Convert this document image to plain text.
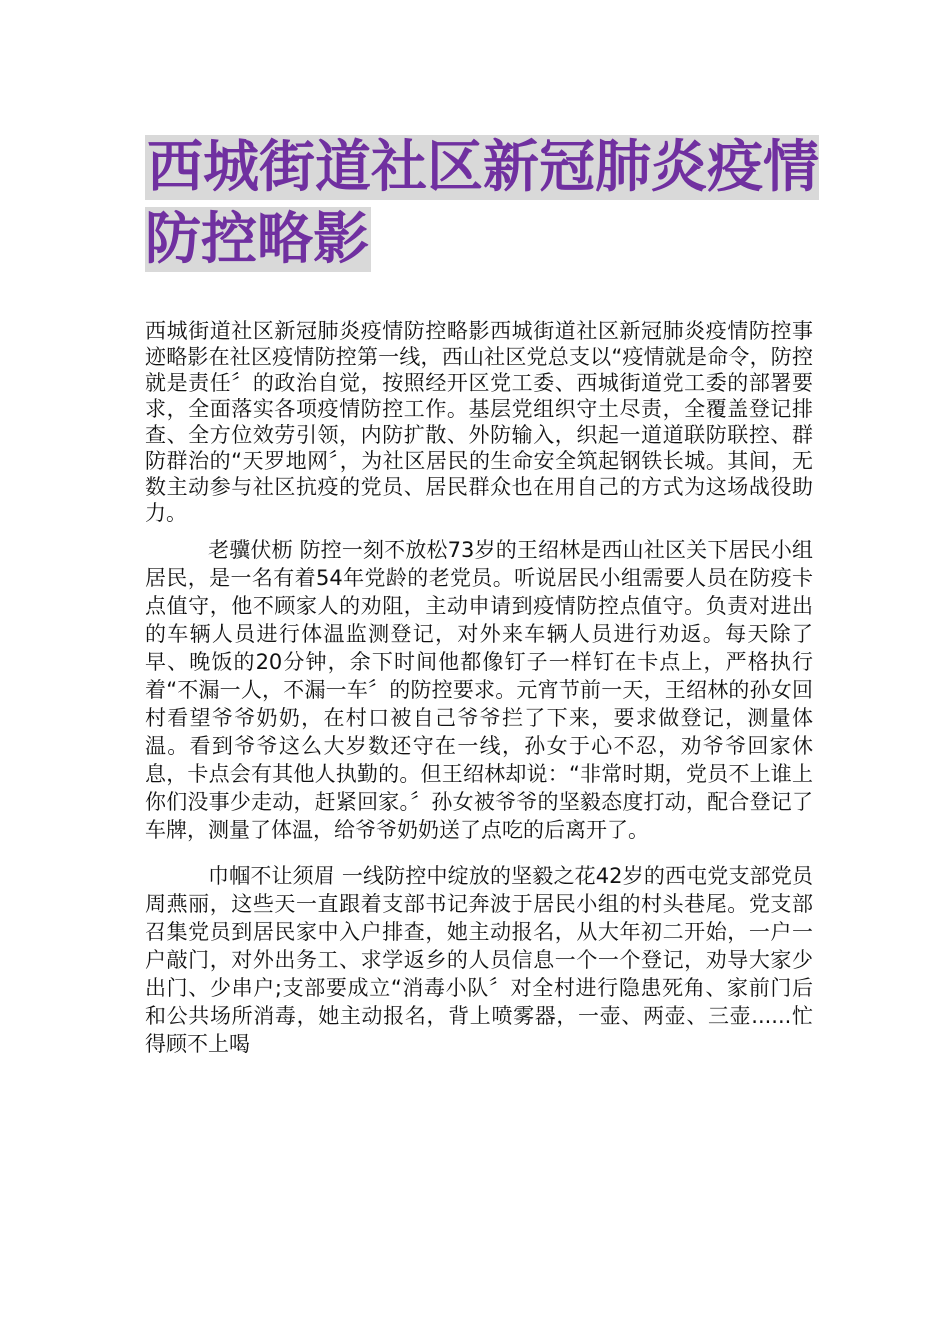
西城街道社区新冠肺炎疫情防控略影

西城街道社区新冠肺炎疫情防控略影西城街道社区新冠肺炎疫情防控事迹略影在社区疫情防控第一线，西山社区党总支以“疫情就是命令，防控就是责任〞的政治自觉，按照经开区党工委、西城街道党工委的部署要求，全面落实各项疫情防控工作。基层党组织守土尽责，全覆盖登记排查、全方位效劳引领，内防扩散、外防输入，织起一道道联防联控、群防群治的“天罗地网〞，为社区居民的生命安全筑起钢铁长城。其间，无数主动参与社区抗疫的党员、居民群众也在用自己的方式为这场战役助力。

老骥伏枥 防控一刻不放松73岁的王绍林是西山社区关下居民小组居民，是一名有着54年党龄的老党员。听说居民小组需要人员在防疫卡点值守，他不顾家人的劝阻，主动申请到疫情防控点值守。负责对进出的车辆人员进行体温监测登记，对外来车辆人员进行劝返。每天除了早、晚饭的20分钟，余下时间他都像钉子一样钉在卡点上，严格执行着“不漏一人，不漏一车〞的防控要求。元宵节前一天，王绍林的孙女回村看望爷爷奶奶，在村口被自己爷爷拦了下来，要求做登记，测量体温。看到爷爷这么大岁数还守在一线，孙女于心不忍，劝爷爷回家休息，卡点会有其他人执勤的。但王绍林却说：“非常时期，党员不上谁上你们没事少走动，赶紧回家。〞孙女被爷爷的坚毅态度打动，配合登记了车牌，测量了体温，给爷爷奶奶送了点吃的后离开了。

巾帼不让须眉 一线防控中绽放的坚毅之花42岁的西屯党支部党员周燕丽，这些天一直跟着支部书记奔波于居民小组的村头巷尾。党支部召集党员到居民家中入户排查，她主动报名，从大年初二开始，一户一户敲门，对外出务工、求学返乡的人员信息一个一个登记，劝导大家少出门、少串户;支部要成立“消毒小队〞对全村进行隐患死角、家前门后和公共场所消毒，她主动报名，背上喷雾器，一壶、两壶、三壶......忙得顾不上喝
